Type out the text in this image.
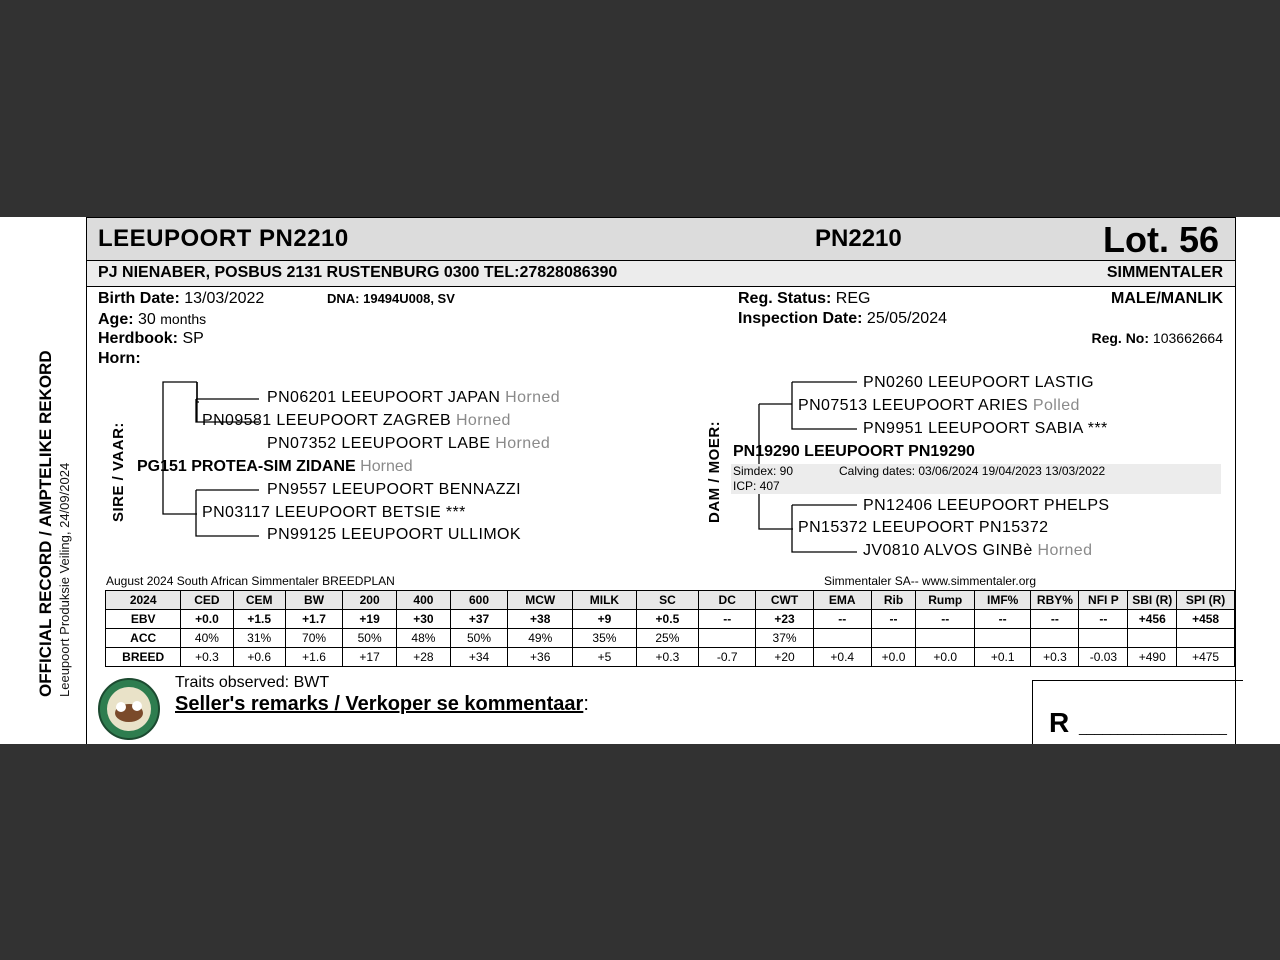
OFFICIAL RECORD / AMPTELIKE REKORD Leeupoort Produksie Veiling, 24/09/2024
LEEUPOORT PN2210	PN2210	Lot. 56
PJ NIENABER, POSBUS 2131 RUSTENBURG 0300 TEL:27828086390	SIMMENTALER
Birth Date: 13/03/2022	DNA: 19494U008, SV
Age: 30 months
Herdbook: SP
Horn:
Reg. Status: REG
Inspection Date: 25/05/2024
MALE/MANLIK
Reg. No: 103662664
SIRE / VAAR:
PN06201 LEEUPOORT JAPAN Horned
PN09581 LEEUPOORT ZAGREB Horned
PN07352 LEEUPOORT LABE Horned
PG151 PROTEA-SIM ZIDANE Horned
PN9557 LEEUPOORT BENNAZZI
PN03117 LEEUPOORT BETSIE ***
PN99125 LEEUPOORT ULLIMOK
DAM / MOER:
PN0260 LEEUPOORT LASTIG
PN07513 LEEUPOORT ARIES Polled
PN9951 LEEUPOORT SABIA ***
PN19290 LEEUPOORT PN19290
Simdex: 90	Calving dates: 03/06/2024 19/04/2023 13/03/2022
ICP: 407
PN12406 LEEUPOORT PHELPS
PN15372 LEEUPOORT PN15372
JV0810 ALVOS GINBè Horned
August 2024 South African Simmentaler BREEDPLAN	Simmentaler SA-- www.simmentaler.org
2024	CED	CEM	BW	200	400	600	MCW	MILK	SC	DC	CWT	EMA	Rib	Rump	IMF%	RBY%	NFI P	SBI (R)	SPI (R)
EBV	+0.0	+1.5	+1.7	+19	+30	+37	+38	+9	+0.5	--	+23	--	--	--	--	--	--	+456	+458
ACC	40%	31%	70%	50%	48%	50%	49%	35%	25%		37%								
BREED	+0.3	+0.6	+1.6	+17	+28	+34	+36	+5	+0.3	-0.7	+20	+0.4	+0.0	+0.0	+0.1	+0.3	-0.03	+490	+475
Traits observed: BWT
Seller's remarks / Verkoper se kommentaar:
R ___________________
